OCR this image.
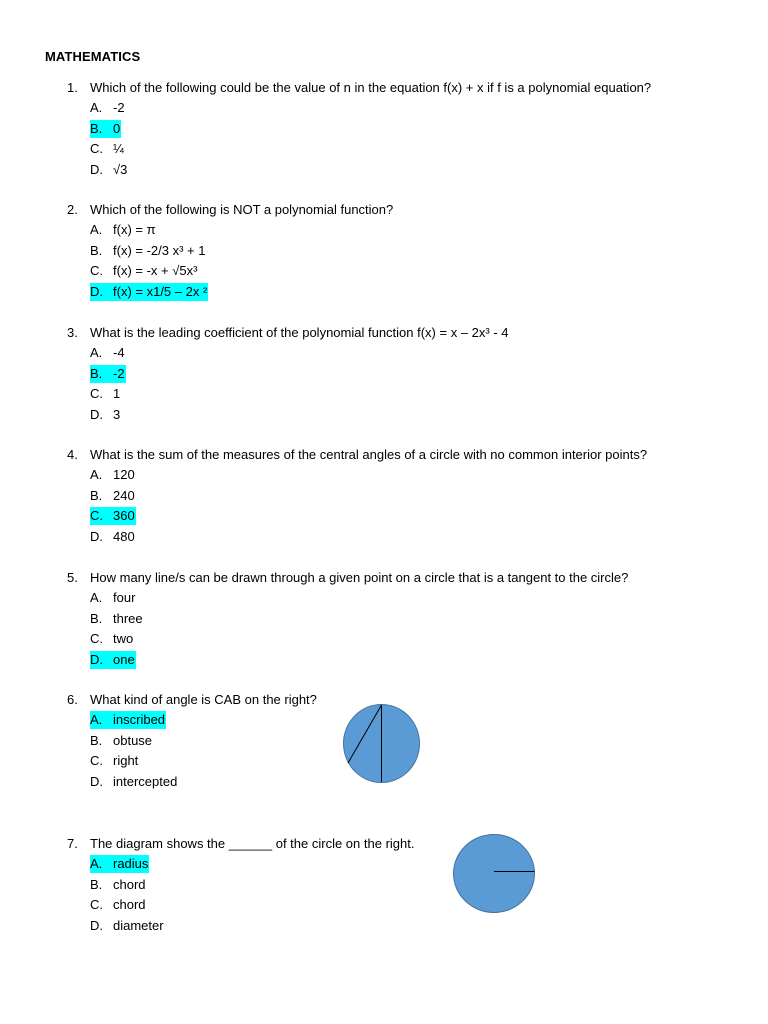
MATHEMATICS
1. Which of the following could be the value of n in the equation f(x) + x if f is a polynomial equation?
A. -2
B. 0
C. ¼
D. √3
2. Which of the following is NOT a polynomial function?
A. f(x) = π
B. f(x) = -2/3 x³ + 1
C. f(x) = -x + √5x³
D. f(x) = x1/5 – 2x ²
3. What is the leading coefficient of the polynomial function f(x) = x – 2x³ - 4
A. -4
B. -2
C. 1
D. 3
4. What is the sum of the measures of the central angles of a circle with no common interior points?
A. 120
B. 240
C. 360
D. 480
5. How many line/s can be drawn through a given point on a circle that is a tangent to the circle?
A. four
B. three
C. two
D. one
6. What kind of angle is CAB on the right?
A. inscribed
B. obtuse
C. right
D. intercepted
7. The diagram shows the ______ of the circle on the right.
A. radius
B. chord
C. chord
D. diameter
